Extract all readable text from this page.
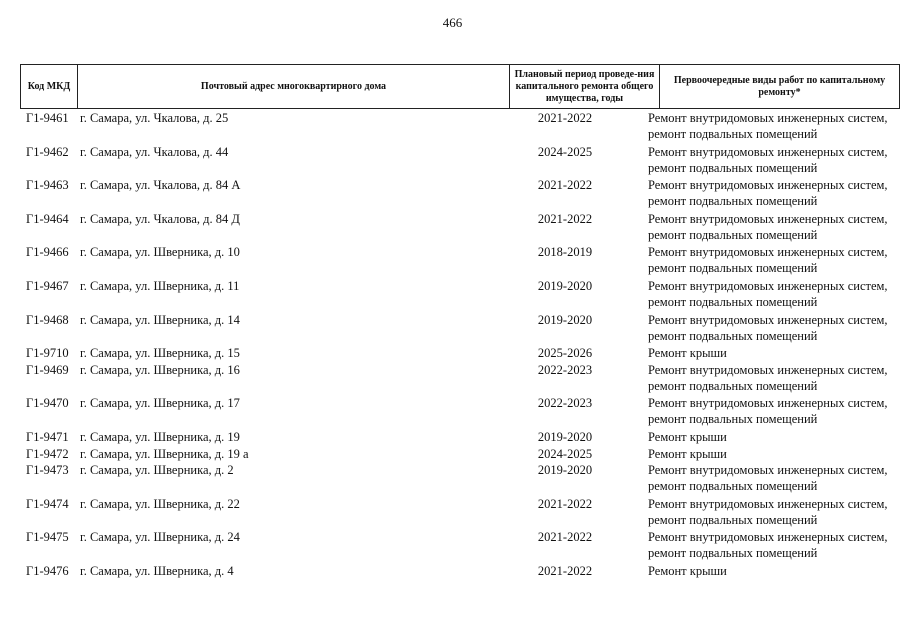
466
Код МКД	Почтовый адрес многоквартирного дома	Плановый период проведе-ния капитального ремонта общего имущества, годы	Первоочередные виды работ по капитальному ремонту*
Г1-9461 г. Самара, ул. Чкалова, д. 25	2021-2022	Ремонт внутридомовых инженерных систем,
ремонт подвальных помещений
Г1-9462 г. Самара, ул. Чкалова, д. 44	2024-2025	Ремонт внутридомовых инженерных систем,
ремонт подвальных помещений
Г1-9463 г. Самара, ул. Чкалова, д. 84 А	2021-2022	Ремонт внутридомовых инженерных систем,
ремонт подвальных помещений
Г1-9464 г. Самара, ул. Чкалова, д. 84 Д	2021-2022	Ремонт внутридомовых инженерных систем,
ремонт подвальных помещений
Г1-9466 г. Самара, ул. Шверника, д. 10	2018-2019	Ремонт внутридомовых инженерных систем,
ремонт подвальных помещений
Г1-9467 г. Самара, ул. Шверника, д. 11	2019-2020	Ремонт внутридомовых инженерных систем,
ремонт подвальных помещений
Г1-9468 г. Самара, ул. Шверника, д. 14	2019-2020	Ремонт внутридомовых инженерных систем,
ремонт подвальных помещений
Г1-9710 г. Самара, ул. Шверника, д. 15	2025-2026	Ремонт крыши
Г1-9469 г. Самара, ул. Шверника, д. 16	2022-2023	Ремонт внутридомовых инженерных систем,
ремонт подвальных помещений
Г1-9470 г. Самара, ул. Шверника, д. 17	2022-2023	Ремонт внутридомовых инженерных систем,
ремонт подвальных помещений
Г1-9471 г. Самара, ул. Шверника, д. 19	2019-2020	Ремонт крыши
Г1-9472 г. Самара, ул. Шверника, д. 19 а	2024-2025	Ремонт крыши
Г1-9473 г. Самара, ул. Шверника, д. 2	2019-2020	Ремонт внутридомовых инженерных систем,
ремонт подвальных помещений
Г1-9474 г. Самара, ул. Шверника, д. 22	2021-2022	Ремонт внутридомовых инженерных систем,
ремонт подвальных помещений
Г1-9475 г. Самара, ул. Шверника, д. 24	2021-2022	Ремонт внутридомовых инженерных систем,
ремонт подвальных помещений
Г1-9476 г. Самара, ул. Шверника, д. 4	2021-2022	Ремонт крыши
